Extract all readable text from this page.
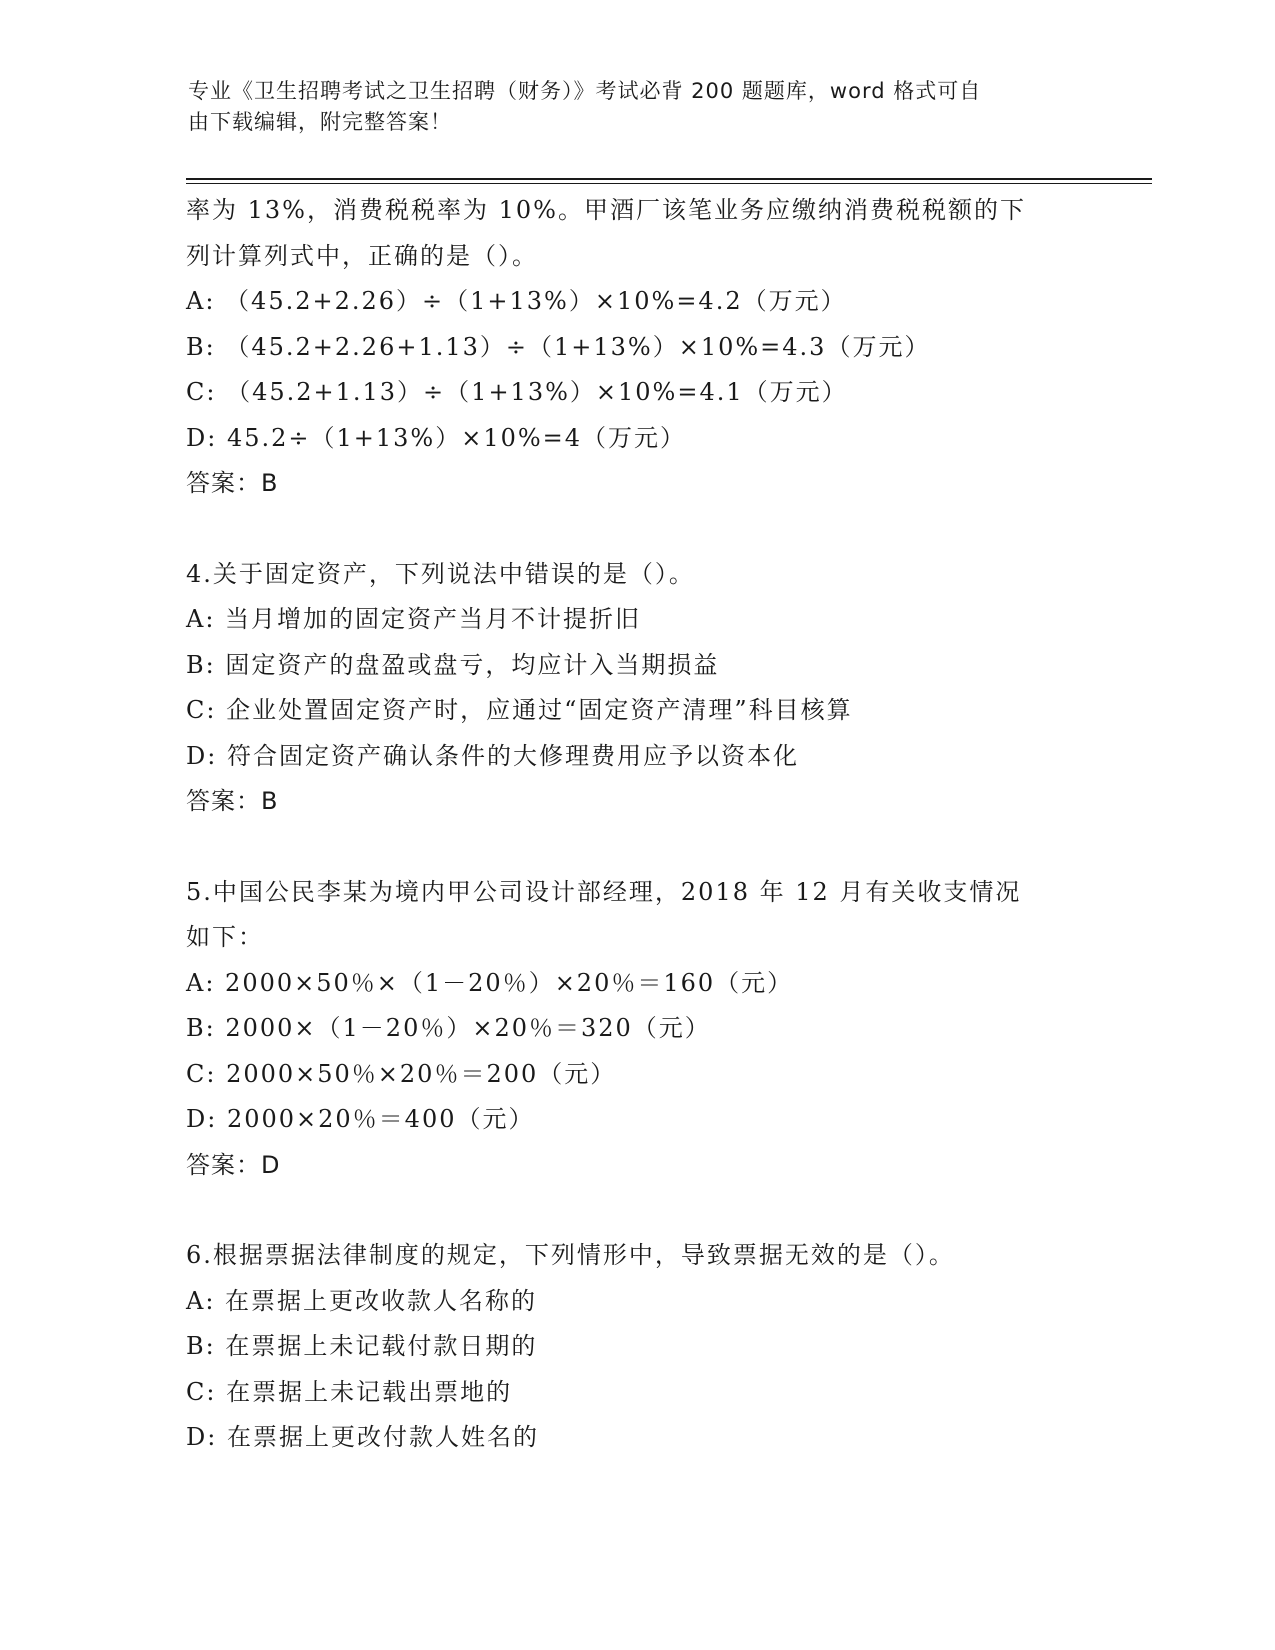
专业《卫生招聘考试之卫生招聘（财务）》考试必背 200 题题库，word 格式可自
由下载编辑，附完整答案！
率为 13%，消费税税率为 10%。甲酒厂该笔业务应缴纳消费税税额的下
列计算列式中，正确的是（）。
A: （45.2+2.26）÷（1+13%）×10%=4.2（万元）
B: （45.2+2.26+1.13）÷（1+13%）×10%=4.3（万元）
C: （45.2+1.13）÷（1+13%）×10%=4.1（万元）
D: 45.2÷（1+13%）×10%=4（万元）
答案：B
4.关于固定资产，下列说法中错误的是（）。
A: 当月增加的固定资产当月不计提折旧
B: 固定资产的盘盈或盘亏，均应计入当期损益
C: 企业处置固定资产时，应通过“固定资产清理”科目核算
D: 符合固定资产确认条件的大修理费用应予以资本化
答案：B
5.中国公民李某为境内甲公司设计部经理，2018 年 12 月有关收支情况
如下：
A: 2000×50％×（1－20％）×20％＝160（元）
B: 2000×（1－20％）×20％＝320（元）
C: 2000×50％×20％＝200（元）
D: 2000×20％＝400（元）
答案：D
6.根据票据法律制度的规定，下列情形中，导致票据无效的是（）。
A: 在票据上更改收款人名称的
B: 在票据上未记载付款日期的
C: 在票据上未记载出票地的
D: 在票据上更改付款人姓名的
